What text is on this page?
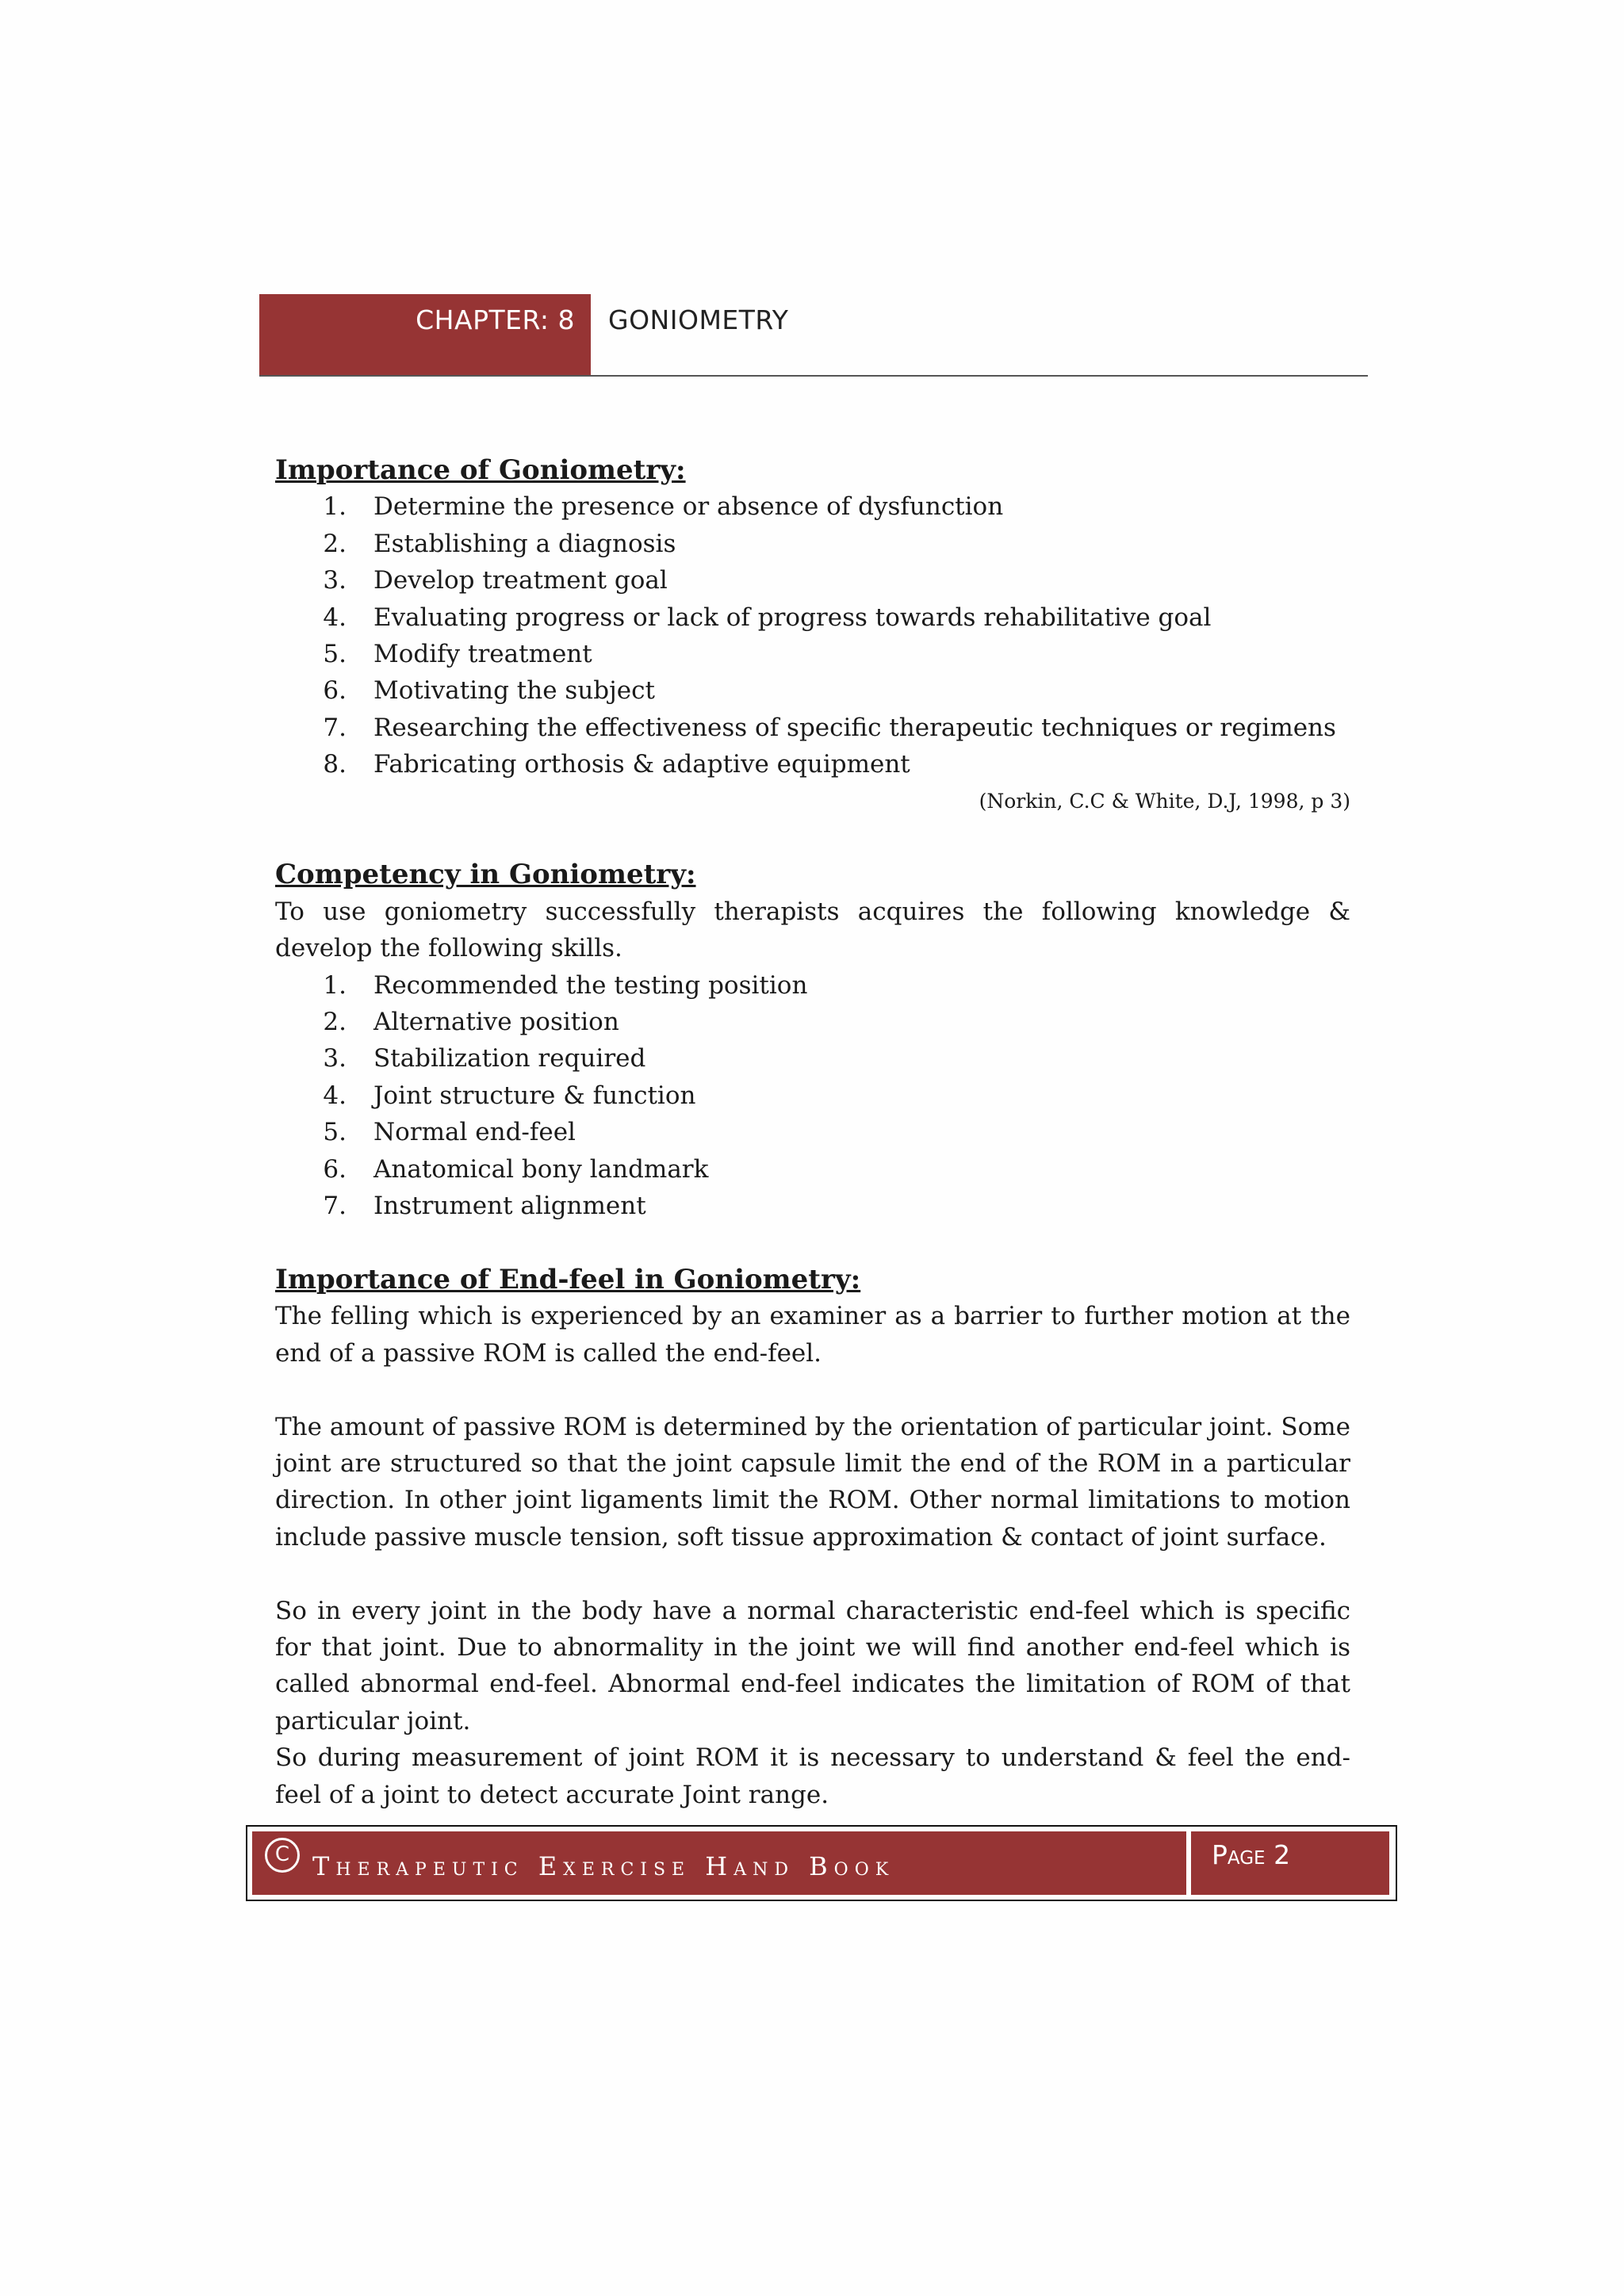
CHAPTER: 8 GONIOMETRY
Importance of Goniometry:
1. Determine the presence or absence of dysfunction
2. Establishing a diagnosis
3. Develop treatment goal
4. Evaluating progress or lack of progress towards rehabilitative goal
5. Modify treatment
6. Motivating the subject
7. Researching the effectiveness of specific therapeutic techniques or regimens
8. Fabricating orthosis & adaptive equipment
(Norkin, C.C & White, D.J, 1998, p 3)
Competency in Goniometry:

To use goniometry successfully therapists acquires the following knowledge & develop the following skills.

1. Recommended the testing position
2. Alternative position
3. Stabilization required
4. Joint structure & function
5. Normal end-feel
6. Anatomical bony landmark
7. Instrument alignment
Importance of End-feel in Goniometry:

The felling which is experienced by an examiner as a barrier to further motion at the end of a passive ROM is called the end-feel.

The amount of passive ROM is determined by the orientation of particular joint. Some joint are structured so that the joint capsule limit the end of the ROM in a particular direction. In other joint ligaments limit the ROM. Other normal limitations to motion include passive muscle tension, soft tissue approximation & contact of joint surface.

So in every joint in the body have a normal characteristic end-feel which is specific for that joint. Due to abnormality in the joint we will find another end-feel which is called abnormal end-feel. Abnormal end-feel indicates the limitation of ROM of that particular joint.

So during measurement of joint ROM it is necessary to understand & feel the end-feel of a joint to detect accurate Joint range.

C
Therapeutic Exercise Hand Book	Page 2
